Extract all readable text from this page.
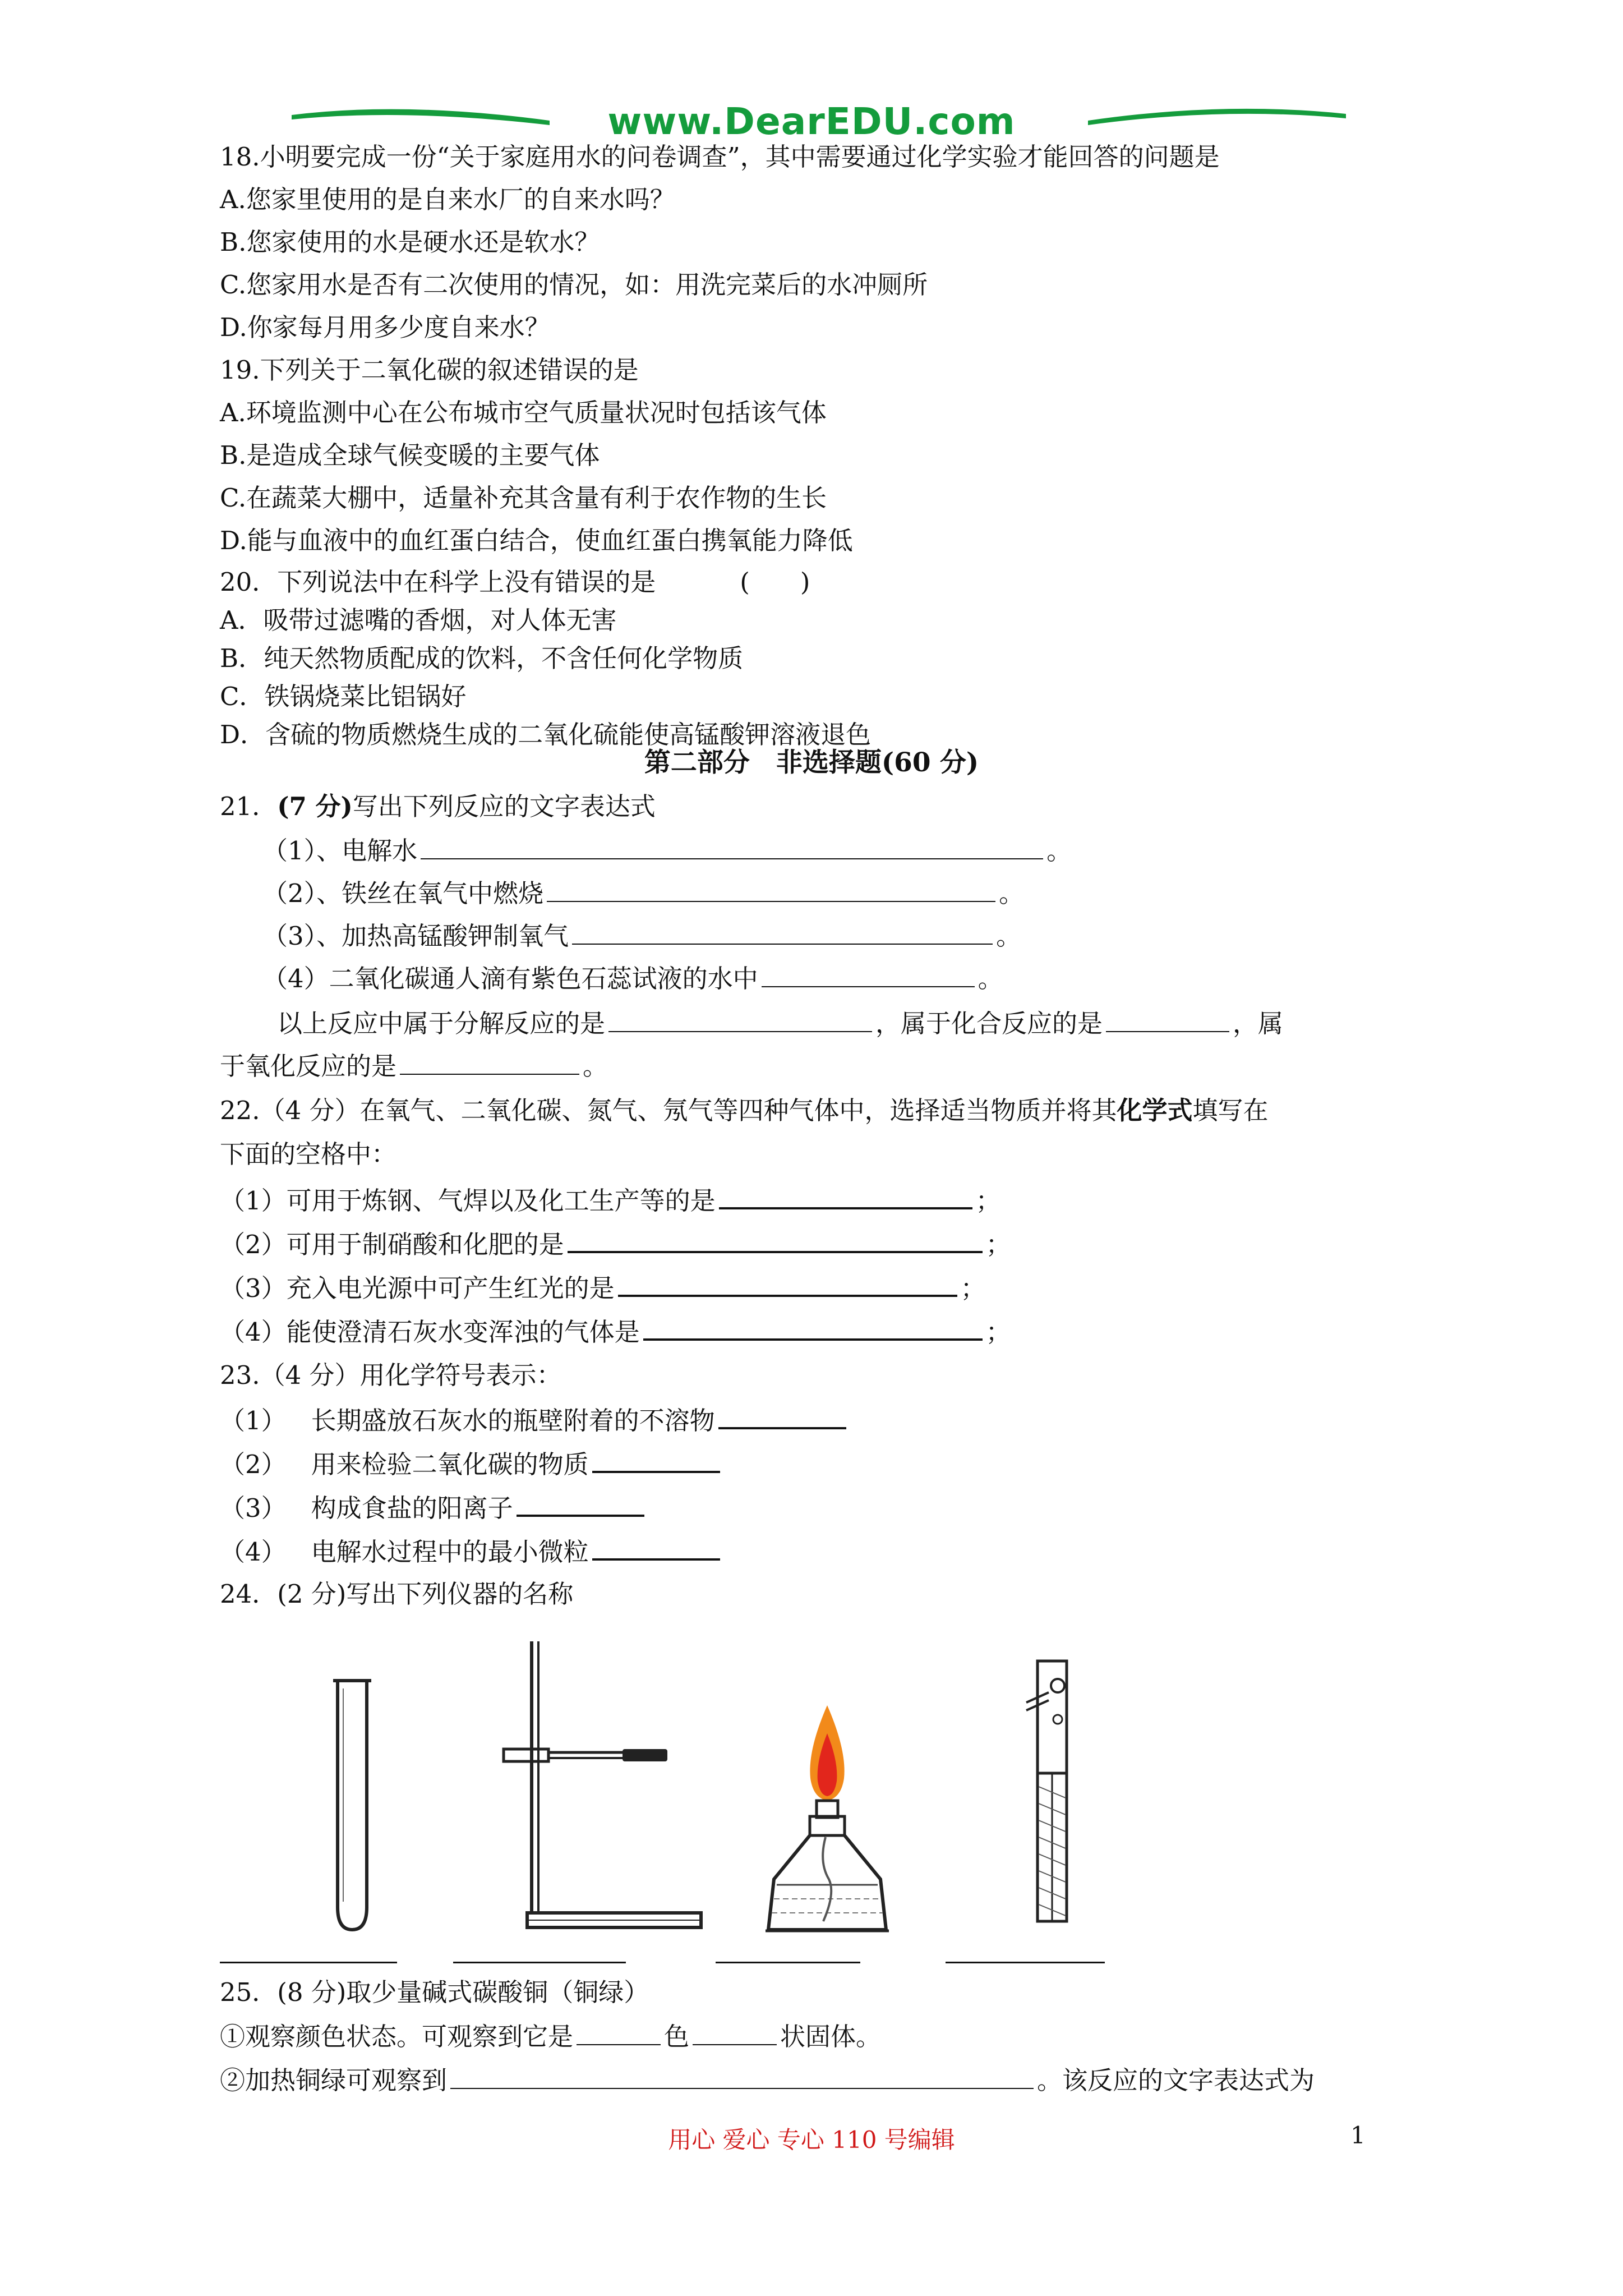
www.DearEDU.com
18.小明要完成一份“关于家庭用水的问卷调查”，其中需要通过化学实验才能回答的问题是
A.您家里使用的是自来水厂的自来水吗？
B.您家使用的水是硬水还是软水？
C.您家用水是否有二次使用的情况，如：用洗完菜后的水冲厕所
D.你家每月用多少度自来水？
19.下列关于二氧化碳的叙述错误的是
A.环境监测中心在公布城市空气质量状况时包括该气体
B.是造成全球气候变暖的主要气体
C.在蔬菜大棚中，适量补充其含量有利于农作物的生长
D.能与血液中的血红蛋白结合，使血红蛋白携氧能力降低
20．下列说法中在科学上没有错误的是	(　　)
A．吸带过滤嘴的香烟，对人体无害
B．纯天然物质配成的饮料，不含任何化学物质
C．铁锅烧菜比铝锅好
D．含硫的物质燃烧生成的二氧化硫能使高锰酸钾溶液退色
第二部分　非选择题(60 分)
21．(7 分)写出下列反应的文字表达式
（1）、电解水	。
（2）、铁丝在氧气中燃烧	。
（3）、加热高锰酸钾制氧气	。
（4）二氧化碳通人滴有紫色石蕊试液的水中	。
以上反应中属于分解反应的是	，属于化合反应的是	，属
于氧化反应的是	。
22.（4 分）在氧气、二氧化碳、氮气、氖气等四种气体中，选择适当物质并将其化学式填写在
下面的空格中：
（1）可用于炼钢、气焊以及化工生产等的是	；
（2）可用于制硝酸和化肥的是	；
（3）充入电光源中可产生红光的是	；
（4）能使澄清石灰水变浑浊的气体是	；
23.（4 分）用化学符号表示：
（1） 长期盛放石灰水的瓶壁附着的不溶物
（2） 用来检验二氧化碳的物质
（3） 构成食盐的阳离子
（4） 电解水过程中的最小微粒
24．(2 分)写出下列仪器的名称
25．(8 分)取少量碱式碳酸铜（铜绿）
①观察颜色状态。可观察到它是	色	状固体。
②加热铜绿可观察到	。该反应的文字表达式为
用心 爱心 专心 110 号编辑	1
